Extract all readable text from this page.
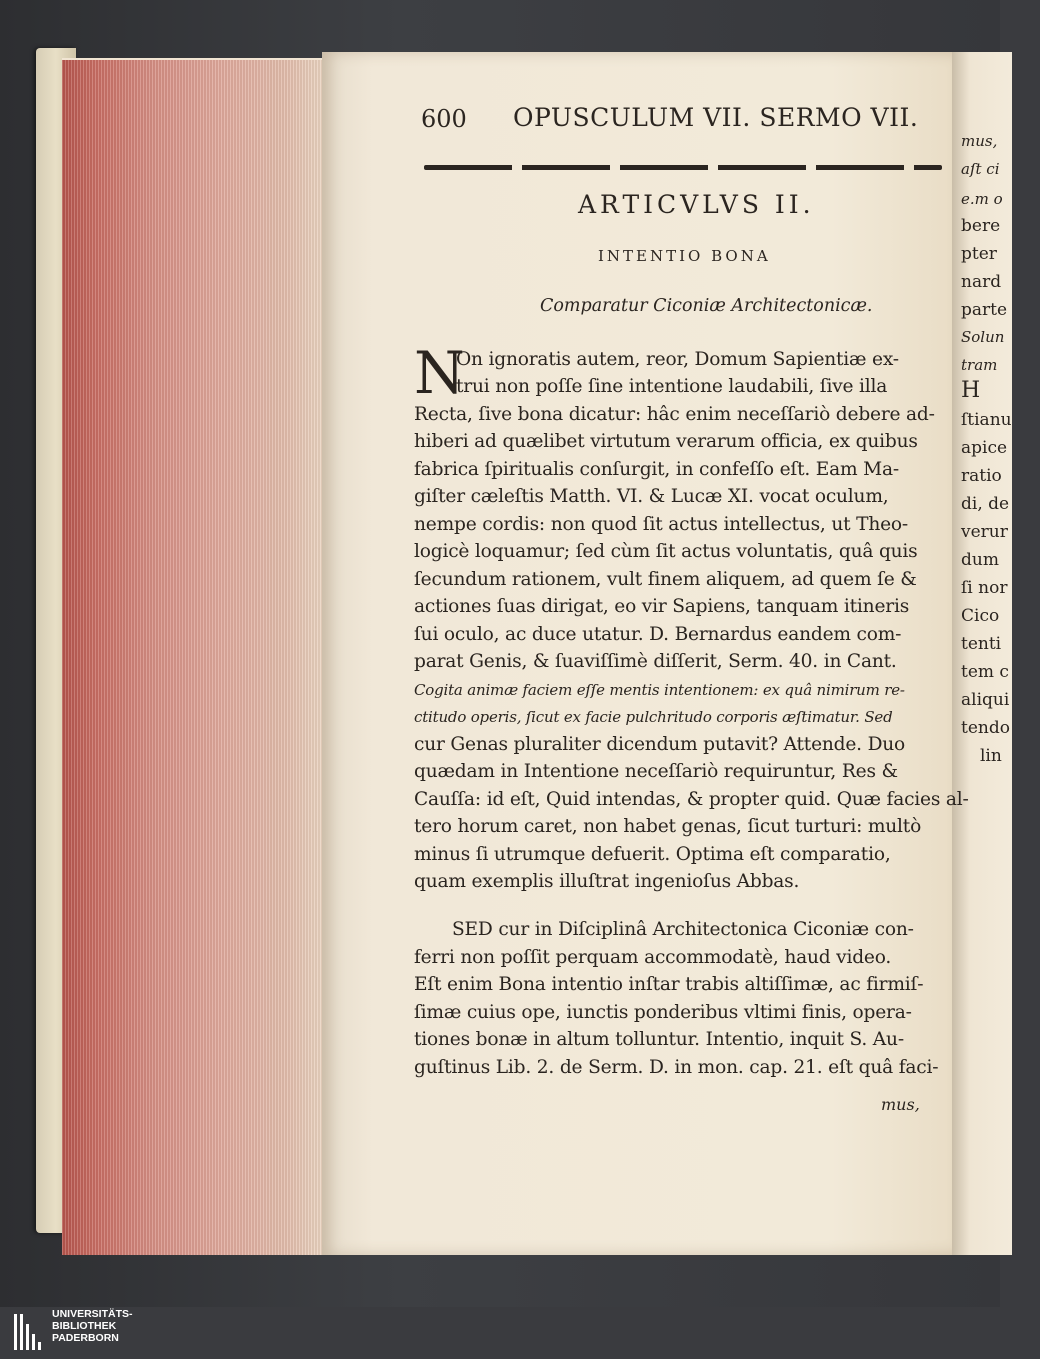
mus,
aſt ci
e.m o
bere
pter
nard
parte
Solun
tram
H
ſtianu
apice
ratio
di, de
verur
dum
ſi nor
Cico
tenti
tem c
aliqui
tendo
lin
600 OPUSCULUM VII. SERMO VII.
ARTICVLVS II.
INTENTIO BONA
Comparatur Ciconiæ Architectonicæ.
N
On ignoratis autem, reor, Domum Sapientiæ ex-
trui non poſſe ſine intentione laudabili, ſive illa
Recta, ſive bona dicatur: hâc enim neceſſariò debere ad-
hiberi ad quælibet virtutum verarum officia, ex quibus
fabrica ſpiritualis conſurgit, in confeſſo eſt. Eam Ma-
giſter cæleſtis Matth. VI. & Lucæ XI. vocat oculum,
nempe cordis: non quod ſit actus intellectus, ut Theo-
logicè loquamur; ſed cùm ſit actus voluntatis, quâ quis
ſecundum rationem, vult finem aliquem, ad quem ſe &
actiones ſuas dirigat, eo vir Sapiens, tanquam itineris
ſui oculo, ac duce utatur. D. Bernardus eandem com-
parat Genis, & ſuaviſſimè diſſerit, Serm. 40. in Cant.
Cogita animæ faciem eſſe mentis intentionem: ex quâ nimirum re-
ctitudo operis, ſicut ex facie pulchritudo corporis æſtimatur. Sed
cur Genas pluraliter dicendum putavit? Attende. Duo
quædam in Intentione neceſſariò requiruntur, Res &
Cauſſa: id eſt, Quid intendas, & propter quid. Quæ facies al-
tero horum caret, non habet genas, ſicut turturi: multò
minus ſi utrumque defuerit. Optima eſt comparatio,
quam exemplis illuſtrat ingenioſus Abbas.
SED cur in Diſciplinâ Architectonica Ciconiæ con-
ferri non poſſit perquam accommodatè, haud video.
Eſt enim Bona intentio inſtar trabis altiſſimæ, ac firmiſ-
ſimæ cuius ope, iunctis ponderibus vltimi finis, opera-
tiones bonæ in altum tolluntur. Intentio, inquit S. Au-
guſtinus Lib. 2. de Serm. D. in mon. cap. 21. eſt quâ faci-
mus,
UNIVERSITÄTS-
BIBLIOTHEK
PADERBORN
